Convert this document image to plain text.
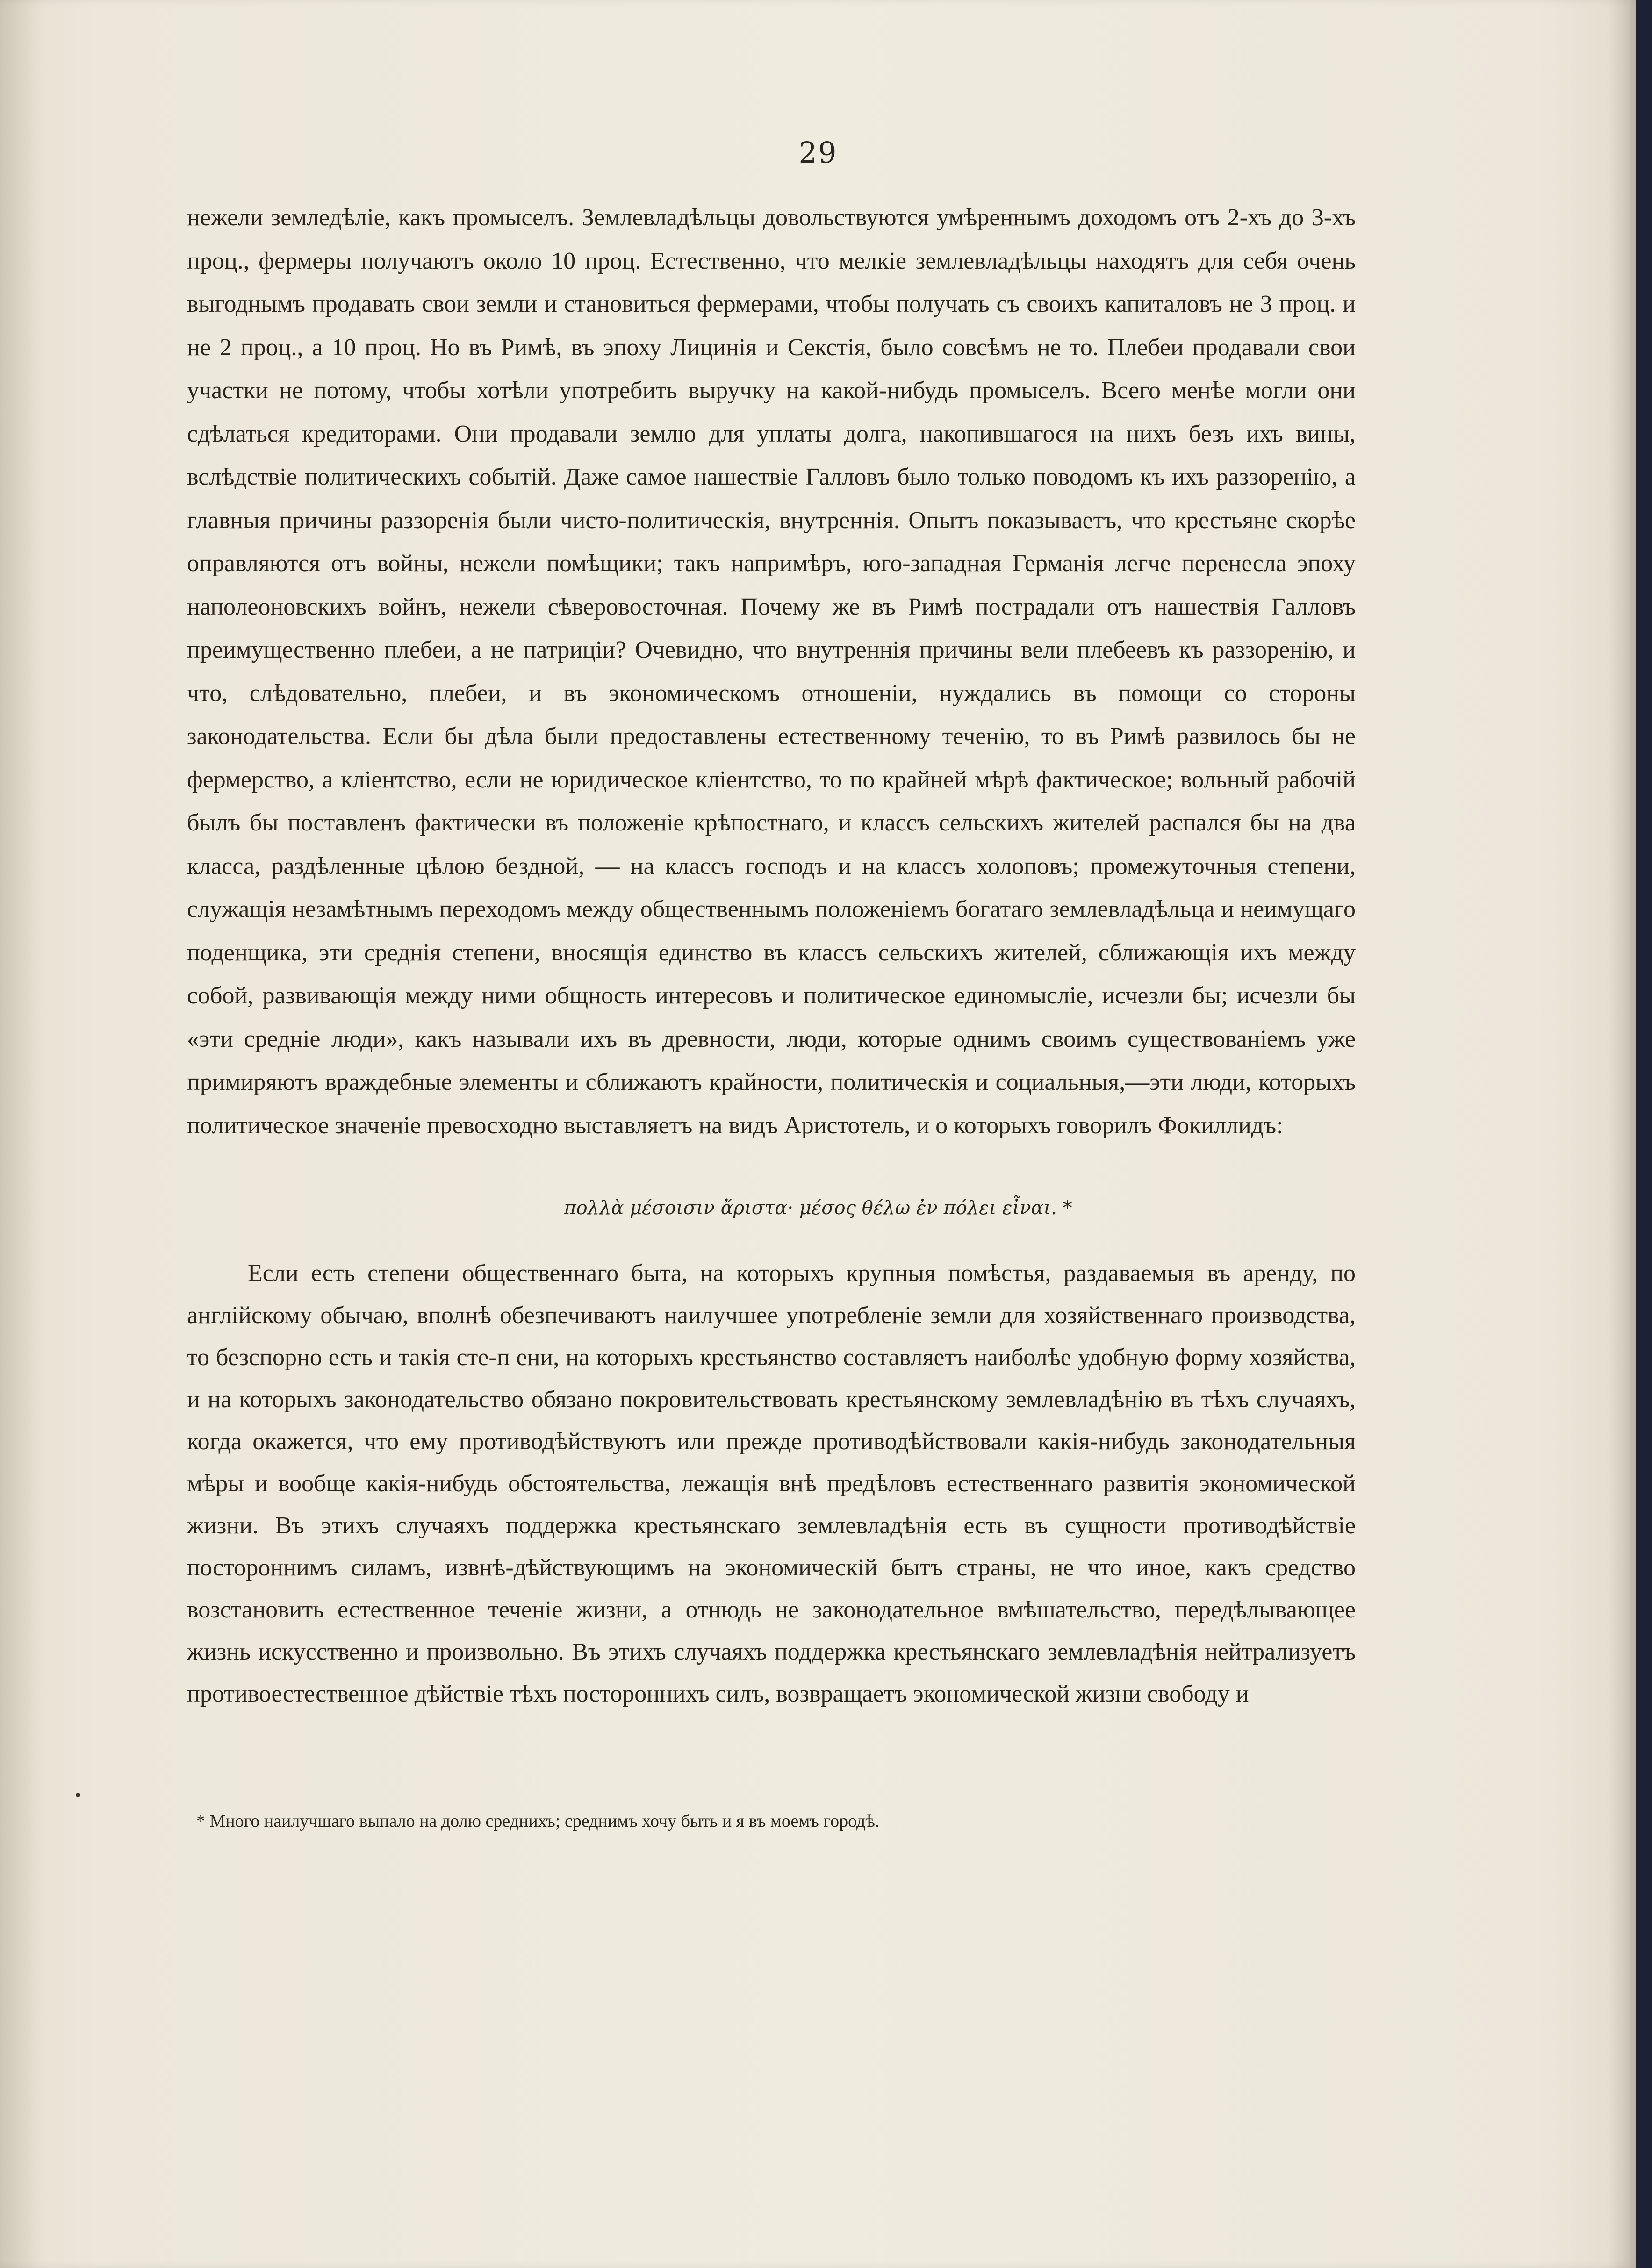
29

нежели земледѣлiе, какъ промыселъ. Землевладѣльцы довольствуются умѣреннымъ доходомъ отъ 2-хъ до 3-хъ проц., фермеры получаютъ около 10 проц. Естественно, что мелкiе землевладѣльцы находятъ для себя очень выгоднымъ продавать свои земли и становиться фермерами, чтобы получать съ своихъ капиталовъ не 3 проц. и не 2 проц., а 10 проц. Но въ Римѣ, въ эпоху Лицинiя и Секстiя, было совсѣмъ не то. Плебеи продавали свои участки не потому, чтобы хотѣли употребить выручку на какой-нибудь промыселъ. Всего менѣе могли они сдѣлаться кредиторами. Они продавали землю для уплаты долга, накопившагося на нихъ безъ ихъ вины, вслѣдствiе политическихъ событiй. Даже самое нашествiе Галловъ было только поводомъ къ ихъ раззоренiю, а главныя причины раззоренiя были чисто-политическiя, внутреннiя. Опытъ показываетъ, что крестьяне скорѣе оправляются отъ войны, нежели помѣщики; такъ напримѣръ, юго-западная Германiя легче перенесла эпоху наполеоновскихъ войнъ, нежели сѣверовосточная. Почему же въ Римѣ пострадали отъ нашествiя Галловъ преимущественно плебеи, а не патрицiи? Очевидно, что внутреннiя причины вели плебеевъ къ раззоренiю, и что, слѣдовательно, плебеи, и въ экономическомъ отношенiи, нуждались въ помощи со стороны законодательства. Если бы дѣла были предоставлены естественному теченiю, то въ Римѣ развилось бы не фермерство, а клiентство, если не юридическое клiентство, то по крайней мѣрѣ фактическое; вольный рабочiй былъ бы поставленъ фактически въ положенiе крѣпостнаго, и классъ сельскихъ жителей распался бы на два класса, раздѣленные цѣлою бездной, — на классъ господъ и на классъ холоповъ; промежуточныя степени, служащiя незамѣтнымъ переходомъ между общественнымъ положенiемъ богатаго землевладѣльца и неимущаго поденщика, эти среднiя степени, вносящiя единство въ классъ сельскихъ жителей, сближающiя ихъ между собой, развивающiя между ними общность интересовъ и политическое единомыслiе, исчезли бы; исчезли бы «эти среднiе люди», какъ называли ихъ въ древности, люди, которые однимъ своимъ существованiемъ уже примиряютъ враждебные элементы и сближаютъ крайности, политическiя и социальныя,—эти люди, которыхъ политическое значенiе превосходно выставляетъ на видъ Аристотель, и о которыхъ говорилъ Фокиллидъ:

πολλὰ μέσοισιν ἄριστα· μέσος θέλω ἐν πόλει εἶναι. *

Если есть степени общественнаго быта, на которыхъ крупныя помѣстья, раздаваемыя въ аренду, по англiйскому обычаю, вполнѣ обезпечиваютъ наилучшее употребленiе земли для хозяйственнаго производства, то безспорно есть и такiя сте-п ени, на которыхъ крестьянство составляетъ наиболѣе удобную форму хозяйства, и на которыхъ законодательство обязано покровительствовать крестьянскому землевладѣнiю въ тѣхъ случаяхъ, когда окажется, что ему противодѣйствуютъ или прежде противодѣйствовали какiя-нибудь законодательныя мѣры и вообще какiя-нибудь обстоятельства, лежащiя внѣ предѣловъ естественнаго развитiя экономической жизни. Въ этихъ случаяхъ поддержка крестьянскаго землевладѣнiя есть въ сущности противодѣйствiе постороннимъ силамъ, извнѣ-дѣйствующимъ на экономическiй бытъ страны, не что иное, какъ средство возстановить естественное теченiе жизни, а отнюдь не законодательное вмѣшательство, передѣлывающее жизнь искусственно и произвольно. Въ этихъ случаяхъ поддержка крестьянскаго землевладѣнiя нейтрализуетъ противоестественное дѣйствiе тѣхъ постороннихъ силъ, возвращаетъ экономической жизни свободу и

* Много наилучшаго выпало на долю среднихъ; среднимъ хочу быть и я въ моемъ городѣ.
